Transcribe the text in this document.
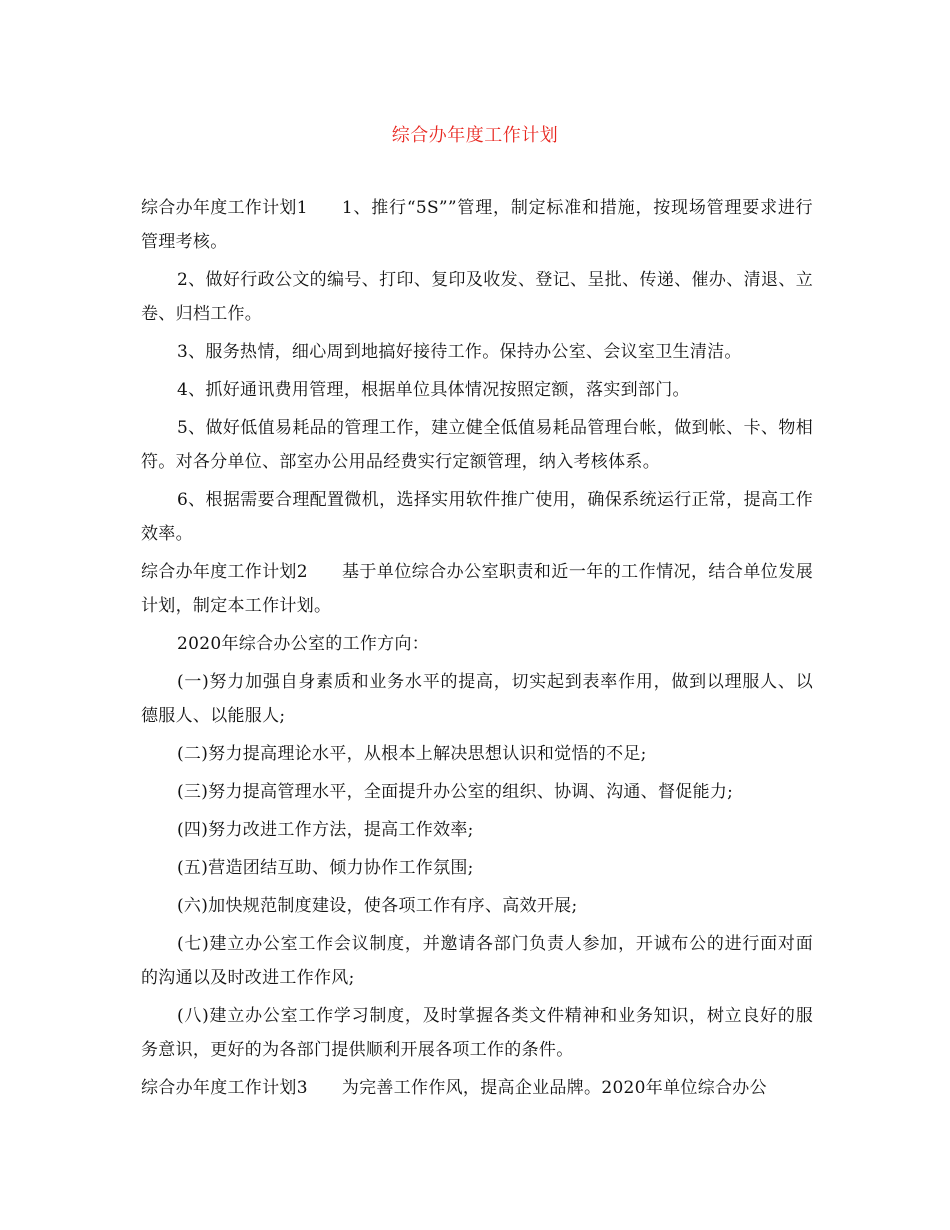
综合办年度工作计划

综合办年度工作计划1 1、推行“5S””管理，制定标准和措施，按现场管理要求进行管理考核。

2、做好行政公文的编号、打印、复印及收发、登记、呈批、传递、催办、清退、立卷、归档工作。

3、服务热情，细心周到地搞好接待工作。保持办公室、会议室卫生清洁。

4、抓好通讯费用管理，根据单位具体情况按照定额，落实到部门。

5、做好低值易耗品的管理工作，建立健全低值易耗品管理台帐，做到帐、卡、物相符。对各分单位、部室办公用品经费实行定额管理，纳入考核体系。

6、根据需要合理配置微机，选择实用软件推广使用，确保系统运行正常，提高工作效率。

综合办年度工作计划2 基于单位综合办公室职责和近一年的工作情况，结合单位发展计划，制定本工作计划。

2020年综合办公室的工作方向：

(一)努力加强自身素质和业务水平的提高，切实起到表率作用，做到以理服人、以德服人、以能服人;

(二)努力提高理论水平，从根本上解决思想认识和觉悟的不足;

(三)努力提高管理水平，全面提升办公室的组织、协调、沟通、督促能力;

(四)努力改进工作方法，提高工作效率;

(五)营造团结互助、倾力协作工作氛围;

(六)加快规范制度建设，使各项工作有序、高效开展;

(七)建立办公室工作会议制度，并邀请各部门负责人参加，开诚布公的进行面对面的沟通以及时改进工作作风;

(八)建立办公室工作学习制度，及时掌握各类文件精神和业务知识，树立良好的服务意识，更好的为各部门提供顺利开展各项工作的条件。

综合办年度工作计划3 为完善工作作风，提高企业品牌。2020年单位综合办公
